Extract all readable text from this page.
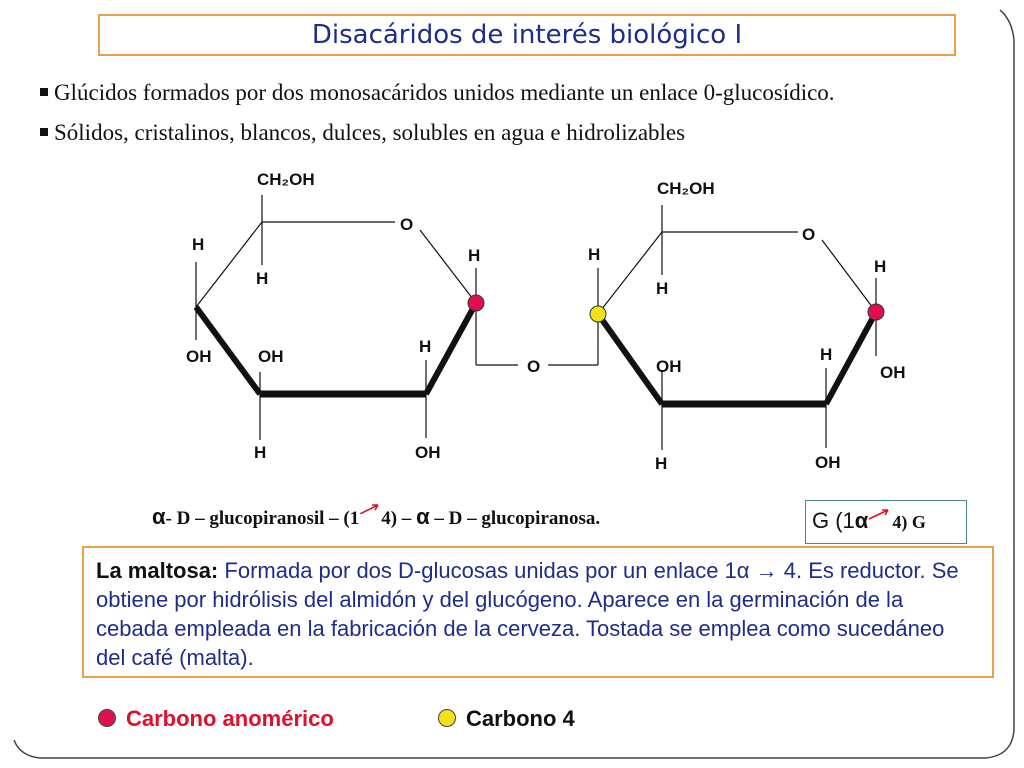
Disacáridos de interés biológico I
Glúcidos formados por dos monosacáridos unidos mediante un enlace 0-glucosídico.
Sólidos, cristalinos, blancos, dulces, solubles en agua e hidrolizables
CH₂OH
O
H
H
H
OH	OH
H
H	OH
O
CH₂OH
O
H
H
H
OH
H
OH
H	OH
α- D – glucopiranosil – (1 4) – α – D – glucopiranosa.	G (1α 4) G
La maltosa: Formada por dos D-glucosas unidas por un enlace 1α → 4. Es reductor. Se obtiene por hidrólisis del almidón y del glucógeno. Aparece en la germinación de la cebada empleada en la fabricación de la cerveza. Tostada se emplea como sucedáneo del café (malta).
Carbono anomérico	Carbono 4
